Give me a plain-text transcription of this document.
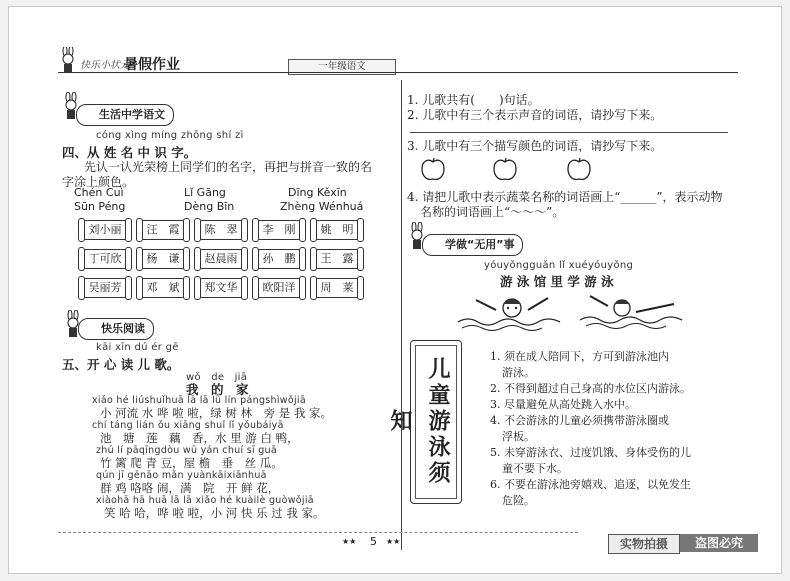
快乐小状元
暑假作业	一年级语文
生活中学语文
cóng xìng míng zhōng shí zì
四、从 姓 名 中 识 字。
先认一认光荣榜上同学们的名字，再把与拼音一致的名
字涂上颜色。
Chén Cuì	Lǐ Gāng	Dīng Kěxīn
Sūn Péng	Dèng Bīn	Zhèng Wénhuá
刘小丽	汪　霞	陈　翠	李　刚	姚　明
丁可欣	杨　谦	赵晨雨	孙　鹏	王　露
吴丽芳	邓　斌	郑文华	欧阳洋	周　莱
快乐阅读
kāi xīn dú ér gē
五、开 心 读 儿 歌。
wǒ　de　jiā
我　的　家
xiǎo hé liúshuǐhuā lā lā lǜ lín pángshìwǒjiā
小 河流 水 哗 啦 啦，绿 树 林　旁 是 我 家。
chí táng lián ǒu xiāng shuǐ lǐ yǒubáiyā
池　塘　莲　藕　香，水 里 游 白 鸭，
zhú lí pāqīngdòu wū yán chuí sī guā
竹 篱 爬 青 豆，屋 檐　垂　丝 瓜。
qún jī gēnāo mǎn yuànkāixiānhuā
群 鸡 咯咯 闹，满　院　开 鲜 花，
xiàohā hā huā lā lā xiǎo hé kuàilè guòwǒjiā
笑 哈 哈，哗 啦 啦，小 河 快 乐 过 我 家。
1. 儿歌共有(　　)句话。
2. 儿歌中有三个表示声音的词语，请抄写下来。
3. 儿歌中有三个描写颜色的词语，请抄写下来。
4. 请把儿歌中表示蔬菜名称的词语画上“______”，表示动物
名称的词语画上“～～～”。
学做“无用”事
yóuyǒngguǎn lǐ xuéyóuyǒng
游 泳 馆 里 学 游 泳
儿童游泳须知
1. 须在成人陪同下，方可到游泳池内
游泳。
2. 不得到超过自己身高的水位区内游泳。
3. 尽量避免从高处跳入水中。
4. 不会游泳的儿童必须携带游泳圈或
浮板。
5. 未穿游泳衣、过度饥饿、身体受伤的儿
童不要下水。
6. 不要在游泳池旁嬉戏、追逐，以免发生
危险。
★★ 5 ★★	实物拍摄	盗图必究
